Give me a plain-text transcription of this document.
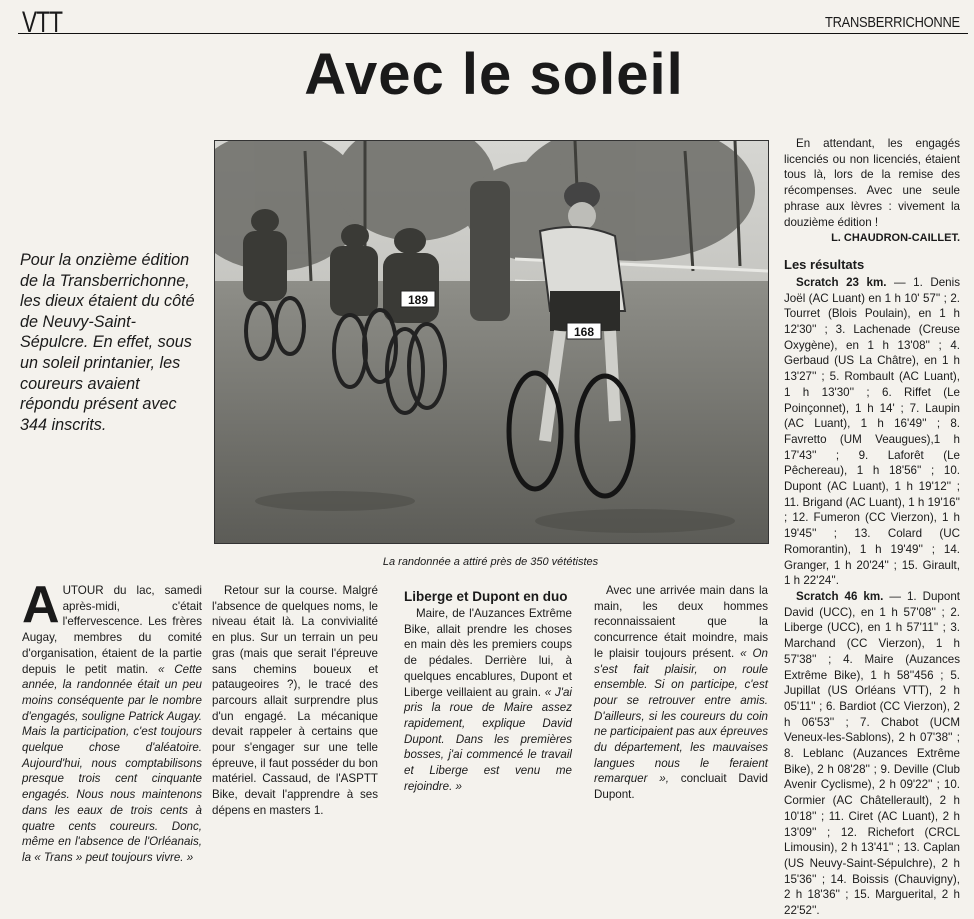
VTT	TRANSBERRICHONNE
Avec le soleil
Pour la onzième édition de la Transberrichonne, les dieux étaient du côté de Neuvy-Saint-Sépulcre. En effet, sous un soleil printanier, les coureurs avaient répondu présent avec 344 inscrits.
189
168
La randonnée a attiré près de 350 vététistes

A UTOUR du lac, samedi après-midi, c'était l'effervescence. Les frères Augay, membres du comité d'organisation, étaient de la partie depuis le petit matin. « Cette année, la randonnée était un peu moins conséquente par le nombre d'engagés, souligne Patrick Augay. Mais la participation, c'est toujours quelque chose d'aléatoire. Aujourd'hui, nous comptabilisons presque trois cent cinquante engagés. Nous nous maintenons dans les eaux de trois cents à quatre cents coureurs. Donc, même en l'absence de l'Orléanais, la « Trans » peut toujours vivre. »

Retour sur la course. Malgré l'absence de quelques noms, le niveau était là. La convivialité en plus. Sur un terrain un peu gras (mais que serait l'épreuve sans chemins boueux et pataugeoires ?), le tracé des parcours allait surprendre plus d'un engagé. La mécanique devait rappeler à certains que pour s'engager sur une telle épreuve, il faut posséder du bon matériel. Cassaud, de l'ASPTT Bike, devait l'apprendre à ses dépens en masters 1.

Liberge et Dupont en duo

Maire, de l'Auzances Extrême Bike, allait prendre les choses en main dès les premiers coups de pédales. Derrière lui, à quelques encablures, Dupont et Liberge veillaient au grain. « J'ai pris la roue de Maire assez rapidement, explique David Dupont. Dans les premières bosses, j'ai commencé le travail et Liberge est venu me rejoindre. »

Avec une arrivée main dans la main, les deux hommes reconnaissaient que la concurrence était moindre, mais le plaisir toujours présent. « On s'est fait plaisir, on roule ensemble. Si on participe, c'est pour se retrouver entre amis. D'ailleurs, si les coureurs du coin ne participaient pas aux épreuves du département, les mauvaises langues nous le feraient remarquer », concluait David Dupont.

En attendant, les engagés licenciés ou non licenciés, étaient tous là, lors de la remise des récompenses. Avec une seule phrase aux lèvres : vivement la douzième édition !

L. CHAUDRON-CAILLET.
Les résultats

Scratch 23 km. — 1. Denis Joël (AC Luant) en 1 h 10' 57'' ; 2. Tourret (Blois Poulain), en 1 h 12'30'' ; 3. Lachenade (Creuse Oxygène), en 1 h 13'08'' ; 4. Gerbaud (US La Châtre), en 1 h 13'27'' ; 5. Rombault (AC Luant), 1 h 13'30'' ; 6. Riffet (Le Poinçonnet), 1 h 14' ; 7. Laupin (AC Luant), 1 h 16'49'' ; 8. Favretto (UM Veaugues),1 h 17'43'' ; 9. Laforêt (Le Pêchereau), 1 h 18'56'' ; 10. Dupont (AC Luant), 1 h 19'12'' ; 11. Brigand (AC Luant), 1 h 19'16'' ; 12. Fumeron (CC Vierzon), 1 h 19'45'' ; 13. Colard (UC Romorantin), 1 h 19'49'' ; 14. Granger, 1 h 20'24'' ; 15. Girault, 1 h 22'24''.

Scratch 46 km. — 1. Dupont David (UCC), en 1 h 57'08'' ; 2. Liberge (UCC), en 1 h 57'11'' ; 3. Marchand (CC Vierzon), 1 h 57'38'' ; 4. Maire (Auzances Extrême Bike), 1 h 58''456 ; 5. Jupillat (US Orléans VTT), 2 h 05'11'' ; 6. Bardiot (CC Vierzon), 2 h 06'53'' ; 7. Chabot (UCM Veneux-les-Sablons), 2 h 07'38'' ; 8. Leblanc (Auzances Extrême Bike), 2 h 08'28'' ; 9. Deville (Club Avenir Cyclisme), 2 h 09'22'' ; 10. Cormier (AC Châtellerault), 2 h 10'18'' ; 11. Ciret (AC Luant), 2 h 13'09'' ; 12. Richefort (CRCL Limousin), 2 h 13'41'' ; 13. Caplan (US Neuvy-Saint-Sépulchre), 2 h 15'36'' ; 14. Boissis (Chauvigny), 2 h 18'36'' ; 15. Marguerital, 2 h 22'52''.
